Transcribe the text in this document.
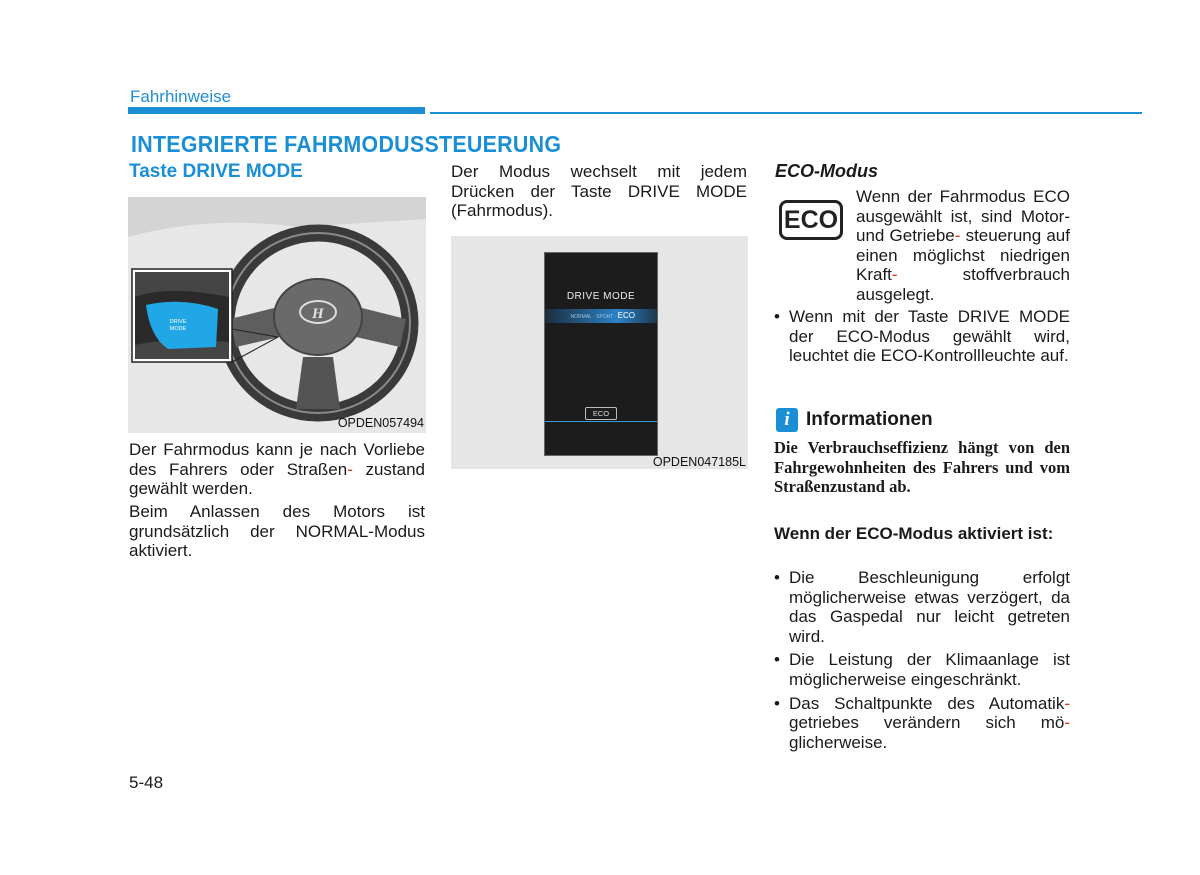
Fahrhinweise
INTEGRIERTE FAHRMODUSSTEUERUNG
Taste DRIVE MODE
H
DRIVE
MODE
OPDEN057494
Der Fahrmodus kann je nach Vorliebe des Fahrers oder Straßen- zustand gewählt werden.
Beim Anlassen des Motors ist grundsätzlich der NORMAL-Modus aktiviert.
Der Modus wechselt mit jedem Drücken der Taste DRIVE MODE (Fahrmodus).
DRIVE MODE
NORMAL · SPORT · ECO
ECO
OPDEN047185L
ECO-Modus
ECO
Wenn der Fahrmodus ECO ausgewählt ist, sind Motor- und Getriebe- steuerung auf einen möglichst niedrigen Kraft-	stoffverbrauch ausgelegt.
• Wenn mit der Taste DRIVE MODE der ECO-Modus gewählt wird, leuchtet die ECO-Kontrollleuchte auf.
i Informationen
Die Verbrauchseffizienz hängt von den Fahrgewohnheiten des Fahrers und vom Straßenzustand ab.
Wenn der ECO-Modus aktiviert ist:
• Die Beschleunigung erfolgt möglicherweise etwas verzögert, da das Gaspedal nur leicht getreten wird.
• Die Leistung der Klimaanlage ist möglicherweise eingeschränkt.
• Das Schaltpunkte des Automatik- getriebes verändern sich mö- glicherweise.
5-48
